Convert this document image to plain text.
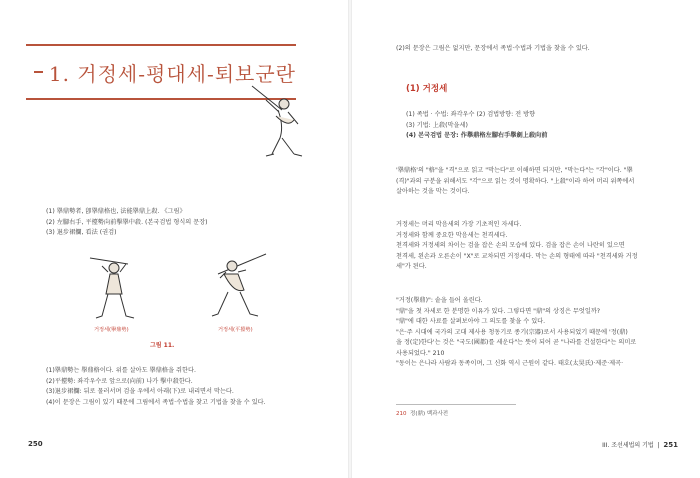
1. 거정세-평대세-퇴보군란
(1) 擧鼎勢者, 卽擧鼎格也, 法能擧鼎上殺. 《그림》
(2) 左腳右手, 平擡勢向前擊擧中殺. (본국검법 형식의 문장)
(3) 退步裙攔, 看法 (권검)
거정세(擧鼎勢)	거정세(平擡勢)
그림 11.
(1)擧鼎勢는 擧鼎格이다. 위를 살아도 擧鼎格을 쥐한다.
(2)平擡勢: 좌각우수로 앞으로(向前) 나가 擊中殺한다.
(3)退步裙攔: 뒤로 물러서며 검을 우에서 아래(下)로 내리면서 막는다.
(4)이 문장은 그림이 있기 때문에 그림에서 족법·수법을 찾고 기법을 찾을 수 있다.
250

(2)의 문장은 그림은 없지만, 문장에서 족법·수법과 기법을 찾을 수 있다.

(1) 거정세

(1) 족법 · 수법: 좌각우수 (2) 검법방향: 전 방향

(3) 기법: 上殺(막을세)

(4) 본국검법 문장: 作擧鼎格左腳右手擧劍上殺向前

'擧鼎格'의 "格"을 "격"으로 읽고 "막는다"로 이해하면 되지만, "막는다"는 "각"이다. "擧

(격)"과의 구분을 위해서도 "각"으로 읽는 것이 명확하다. "上殺"이라 하여 머리 위쪽에서

살아하는 것을 막는 것이다.

거정세는 머리 막음세의 가장 기초적인 자세다.

거정세와 함께 중요한 막음세는 천격세다.

천격세와 거정세의 차이는 검을 잡은 손의 모습에 있다. 검을 잡은 손이 나란히 있으면

천격세, 왼손과 오른손이 "X"로 교차되면 거정세다. 막는 손의 형태에 따라 "천격세와 거정

세"가 된다.

"거정(擧鼎)": 솥을 들어 올린다.

"鼎"을 첫 자세로 한 분명한 이유가 있다. 그렇다면 "鼎"의 상징은 무엇일까?

"鼎"에 대한 사료를 살펴보아야 그 의도를 찾을 수 있다.

"은·주 시대에 국가의 고대 제사용 청동기로 종기(宗器)로서 사용되었기 때문에 '정(鼎)

을 정(定)한다'는 것은 "국도(國都)를 세운다"는 뜻이 되어 곧 "나라를 건설한다"는 의미로

사용되었다." 210

"동이는 은나라 사람과 동족이며, 그 신화 역시 근원이 같다. 태호(太昊氏)·제준·제곡·

210 정(鼎) 백과사전
III. 조선세법의 기법  |  251
